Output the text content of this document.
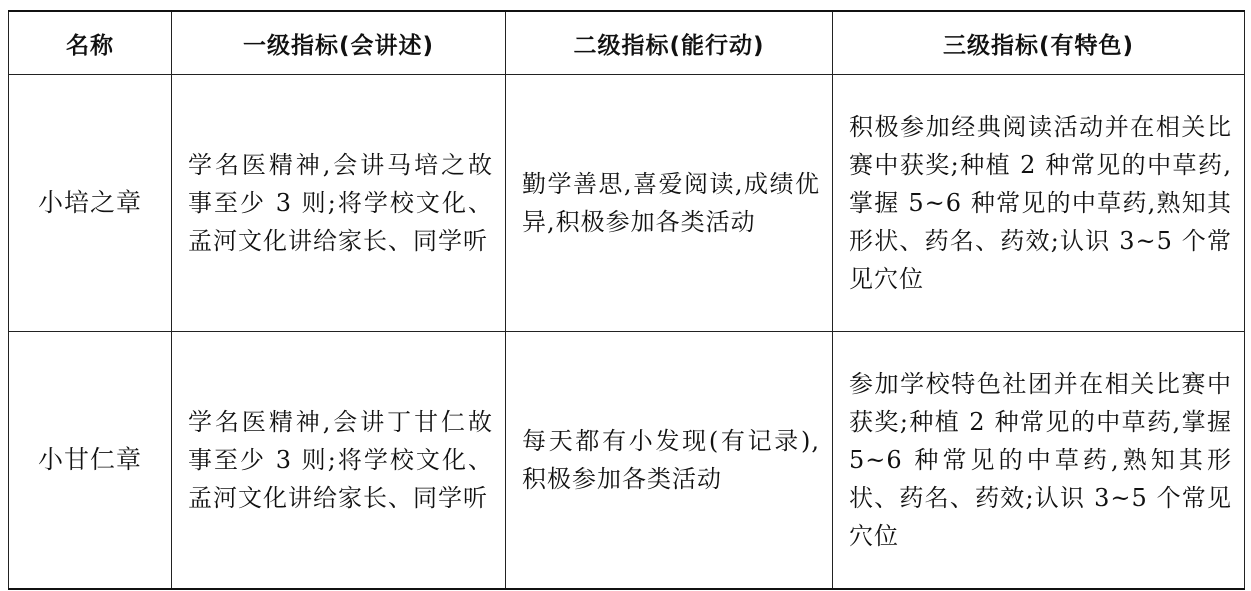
名称	一级指标(会讲述)	二级指标(能行动)	三级指标(有特色)
小培之章	学名医精神,会讲马培之故事至少 3 则;将学校文化、孟河文化讲给家长、同学听	勤学善思,喜爱阅读,成绩优异,积极参加各类活动	积极参加经典阅读活动并在相关比赛中获奖;种植 2 种常见的中草药,掌握 5~6 种常见的中草药,熟知其形状、药名、药效;认识 3~5 个常见穴位
小甘仁章	学名医精神,会讲丁甘仁故事至少 3 则;将学校文化、孟河文化讲给家长、同学听	每天都有小发现(有记录),积极参加各类活动	参加学校特色社团并在相关比赛中获奖;种植 2 种常见的中草药,掌握 5~6 种常见的中草药,熟知其形状、药名、药效;认识 3~5 个常见穴位
